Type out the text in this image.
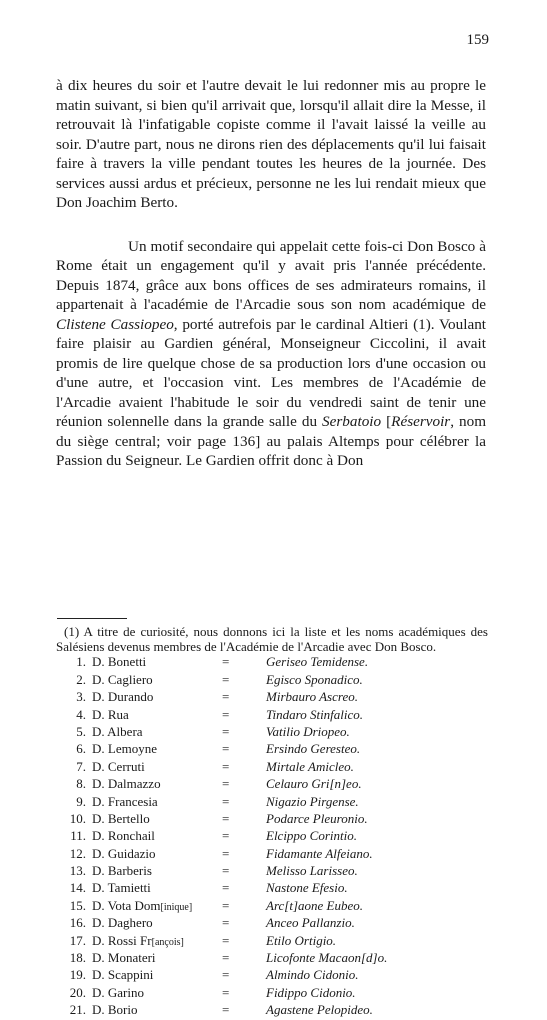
159

à dix heures du soir et l'autre devait le lui redonner mis au propre le matin suivant, si bien qu'il arrivait que, lorsqu'il allait dire la Messe, il retrouvait là l'infatigable copiste comme il l'avait laissé la veille au soir. D'autre part, nous ne dirons rien des déplacements qu'il lui faisait faire à travers la ville pendant toutes les heures de la journée. Des services aussi ardus et précieux, personne ne les lui rendait mieux que Don Joachim Berto.

Un motif secondaire qui appelait cette fois-ci Don Bosco à Rome était un engagement qu'il y avait pris l'année précédente. Depuis 1874, grâce aux bons offices de ses admirateurs romains, il appartenait à l'académie de l'Arcadie sous son nom académique de Clistene Cassiopeo, porté autrefois par le cardinal Altieri (1). Voulant faire plaisir au Gardien général, Monseigneur Ciccolini, il avait promis de lire quelque chose de sa production lors d'une occasion ou d'une autre, et l'occasion vint. Les membres de l'Académie de l'Arcadie avaient l'habitude le soir du vendredi saint de tenir une réunion solennelle dans la grande salle du Serbatoio [Réservoir, nom du siège central; voir page 136] au palais Altemps pour célébrer la Passion du Seigneur. Le Gardien offrit donc à Don

(1) A titre de curiosité, nous donnons ici la liste et les noms académiques des Salésiens devenus membres de l'Académie de l'Arcadie avec Don Bosco.

1. D. Bonetti	=	Geriseo Temidense.
2. D. Cagliero	=	Egisco Sponadico.
3. D. Durando	=	Mirbauro Ascreo.
4. D. Rua	=	Tindaro Stinfalico.
5. D. Albera	=	Vatilio Driopeo.
6. D. Lemoyne	=	Ersindo Geresteo.
7. D. Cerruti	=	Mirtale Amicleo.
8. D. Dalmazzo	=	Celauro Gri[n]eo.
9. D. Francesia	=	Nigazio Pirgense.
10. D. Bertello	=	Podarce Pleuronio.
11. D. Ronchail	=	Elcippo Corintio.
12. D. Guidazio	=	Fidamante Alfeiano.
13. D. Barberis	=	Melisso Larisseo.
14. D. Tamietti	=	Nastone Efesio.
15. D. Vota Dom[inique]	=	Arc[t]aone Eubeo.
16. D. Daghero	=	Anceo Pallanzio.
17. D. Rossi Fr[ançois]	=	Etilo Ortigio.
18. D. Monateri	=	Licofonte Macaon[d]o.
19. D. Scappini	=	Almindo Cidonio.
20. D. Garino	=	Fidippo Cidonio.
21. D. Borio	=	Agastene Pelopideo.
